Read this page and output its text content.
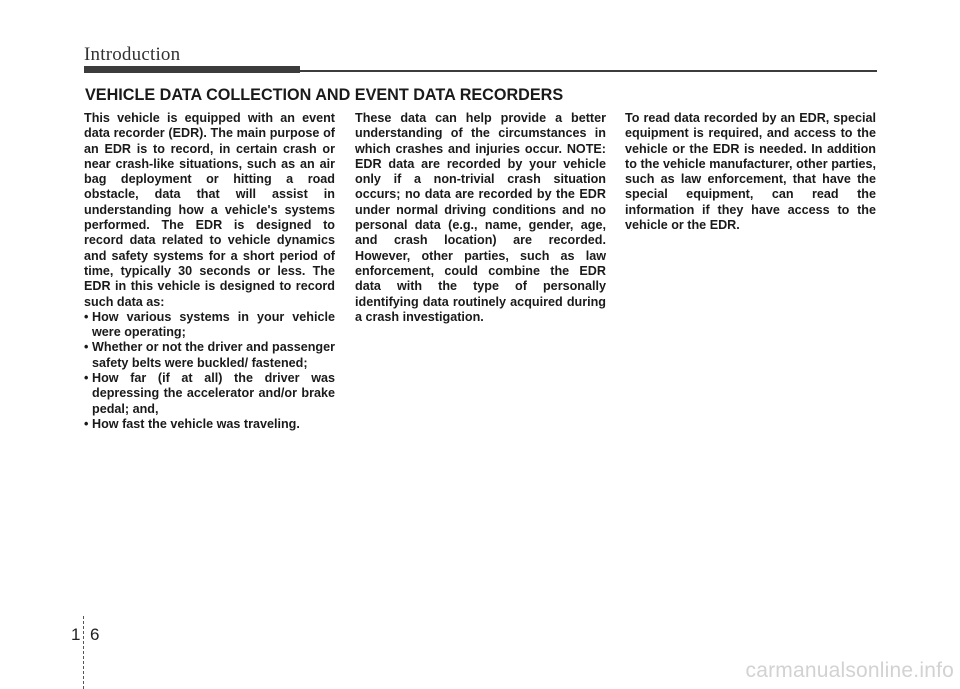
Introduction
VEHICLE DATA COLLECTION AND EVENT DATA RECORDERS

This vehicle is equipped with an event data recorder (EDR). The main purpose of an EDR is to record, in certain crash or near crash-like situations, such as an air bag deployment or hitting a road obstacle, data that will assist in understanding how a vehicle's systems performed. The EDR is designed to record data related to vehicle dynamics and safety systems for a short period of time, typically 30 seconds or less. The EDR in this vehicle is designed to record such data as:

• How various systems in your vehicle were operating;
• Whether or not the driver and passenger safety belts were buckled/ fastened;
• How far (if at all) the driver was depressing the accelerator and/or brake pedal; and,
• How fast the vehicle was traveling.

These data can help provide a better understanding of the circumstances in which crashes and injuries occur. NOTE: EDR data are recorded by your vehicle only if a non-trivial crash situation occurs; no data are recorded by the EDR under normal driving conditions and no personal data (e.g., name, gender, age, and crash location) are recorded. However, other parties, such as law enforcement, could combine the EDR data with the type of personally identifying data routinely acquired during a crash investigation.

To read data recorded by an EDR, special equipment is required, and access to the vehicle or the EDR is needed. In addition to the vehicle manufacturer, other parties, such as law enforcement, that have the special equipment, can read the information if they have access to the vehicle or the EDR.

1 6
carmanualsonline.info
